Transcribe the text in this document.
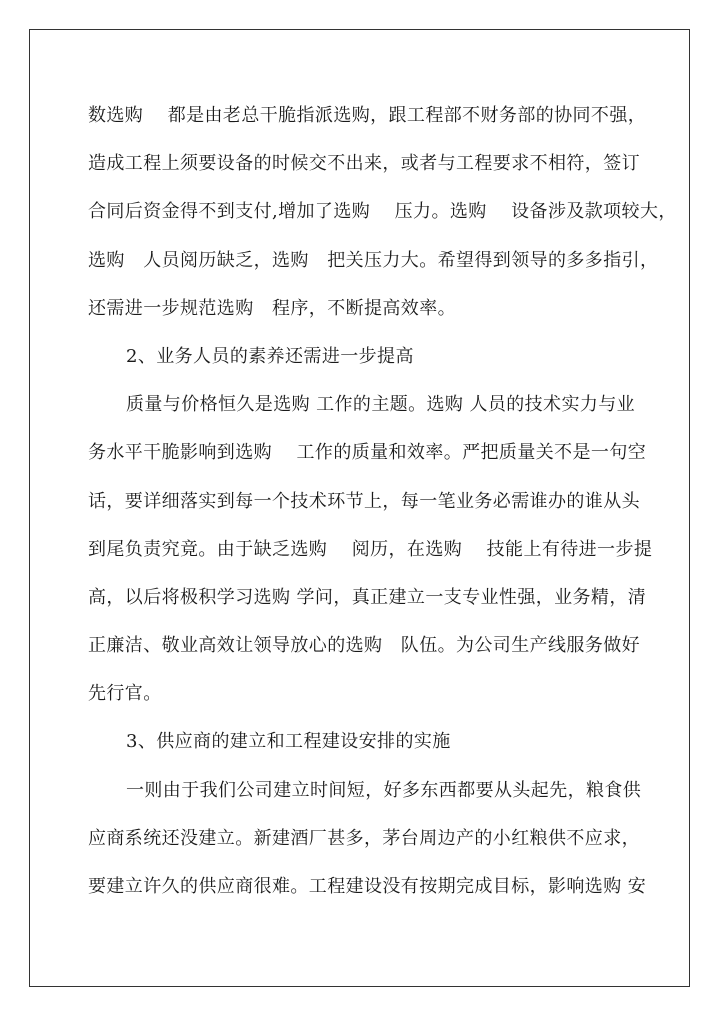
数选购　 都是由老总干脆指派选购，跟工程部不财务部的协同不强，
造成工程上须要设备的时候交不出来，或者与工程要求不相符，签订
合同后资金得不到支付,增加了选购　 压力。选购　 设备涉及款项较大，
选购　人员阅历缺乏，选购　把关压力大。希望得到领导的多多指引，
还需进一步规范选购　程序，不断提高效率。
2、业务人员的素养还需进一步提高
质量与价格恒久是选购 工作的主题。选购 人员的技术实力与业
务水平干脆影响到选购　 工作的质量和效率。严把质量关不是一句空
话，要详细落实到每一个技术环节上，每一笔业务必需谁办的谁从头
到尾负责究竟。由于缺乏选购　 阅历，在选购　 技能上有待进一步提
高，以后将极积学习选购 学问，真正建立一支专业性强，业务精，清
正廉洁、敬业高效让领导放心的选购　队伍。为公司生产线服务做好
先行官。
3、供应商的建立和工程建设安排的实施
一则由于我们公司建立时间短，好多东西都要从头起先，粮食供
应商系统还没建立。新建酒厂甚多，茅台周边产的小红粮供不应求，
要建立许久的供应商很难。工程建设没有按期完成目标，影响选购 安
